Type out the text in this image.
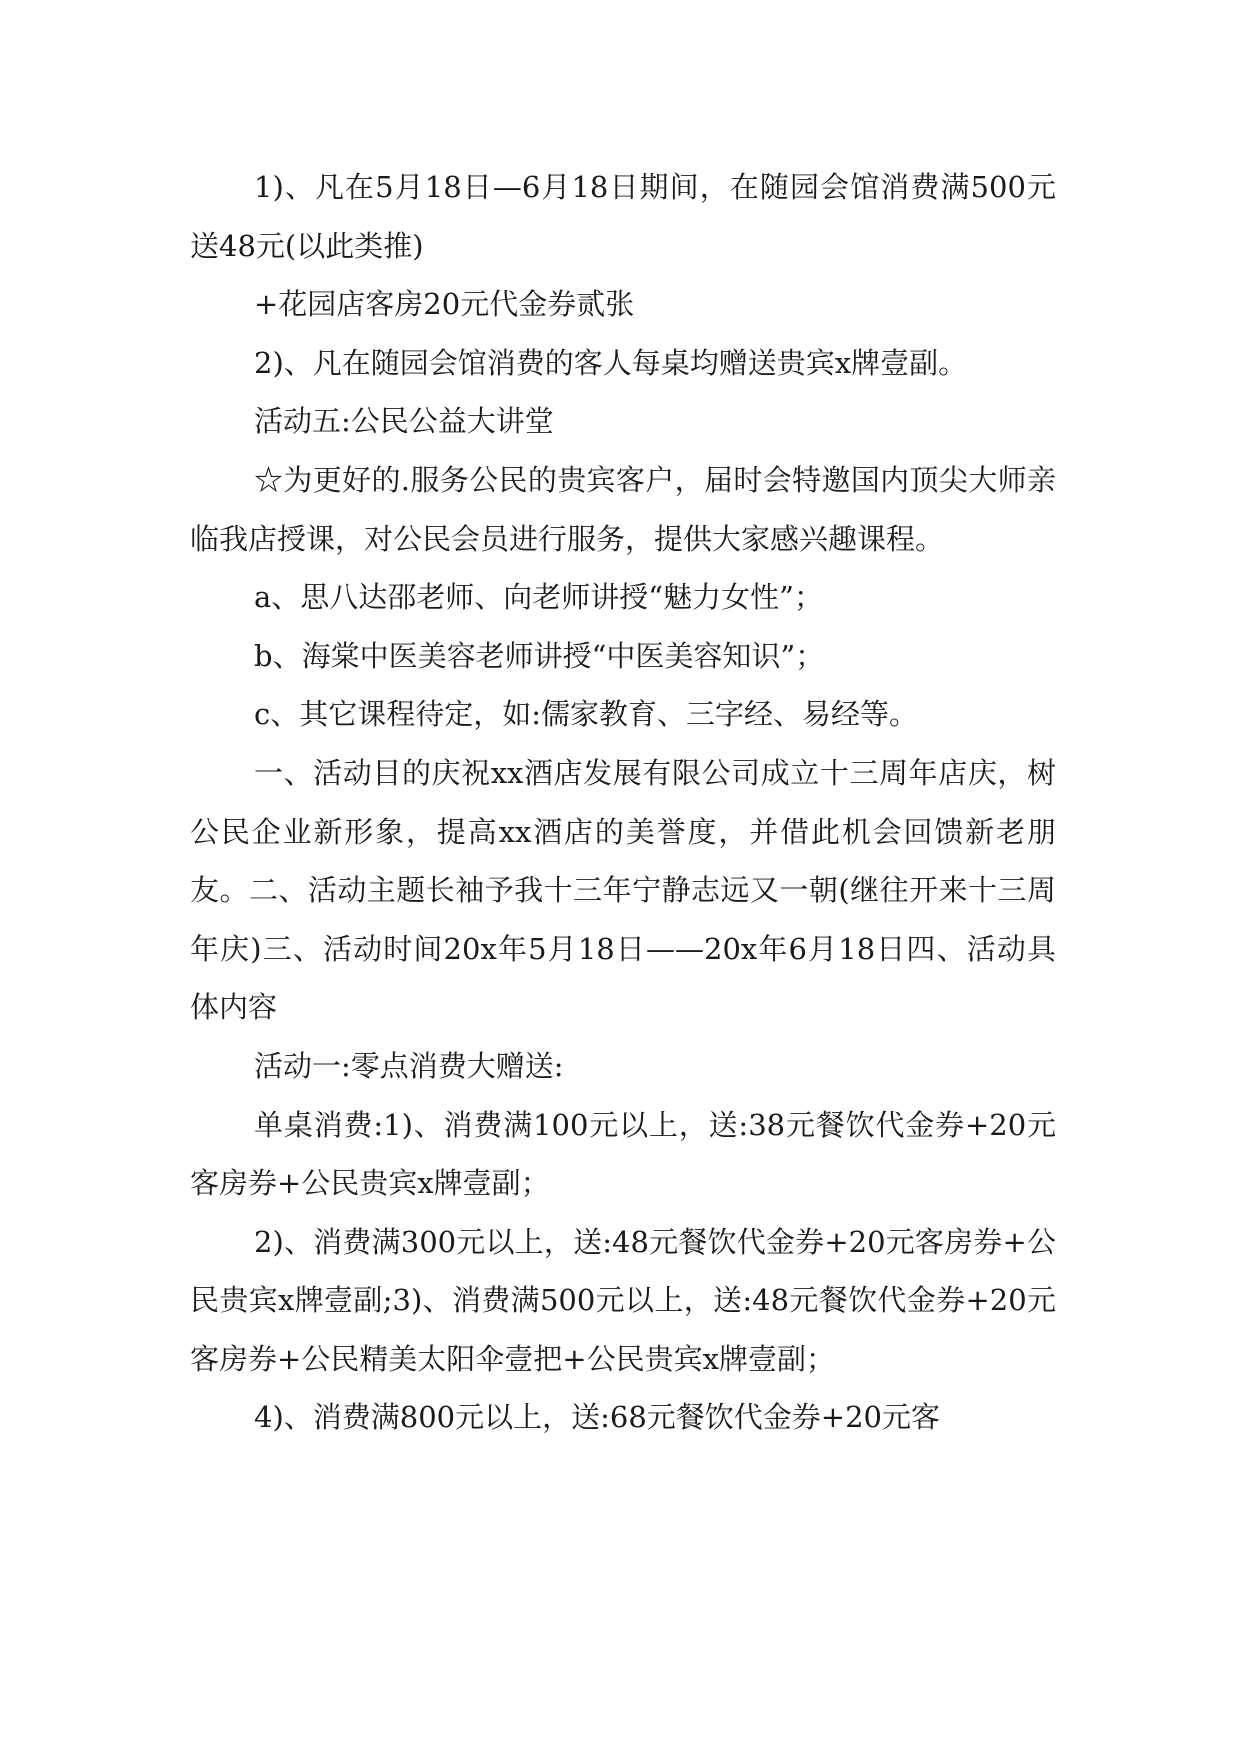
1)、凡在5月18日—6月18日期间，在随园会馆消费满500元送48元(以此类推)

+花园店客房20元代金券贰张

2)、凡在随园会馆消费的客人每桌均赠送贵宾x牌壹副。

活动五:公民公益大讲堂

☆为更好的.服务公民的贵宾客户，届时会特邀国内顶尖大师亲临我店授课，对公民会员进行服务，提供大家感兴趣课程。

a、思八达邵老师、向老师讲授“魅力女性”；

b、海棠中医美容老师讲授“中医美容知识”；

c、其它课程待定，如:儒家教育、三字经、易经等。

一、活动目的庆祝xx酒店发展有限公司成立十三周年店庆，树公民企业新形象，提高xx酒店的美誉度，并借此机会回馈新老朋友。二、活动主题长袖予我十三年宁静志远又一朝(继往开来十三周年庆)三、活动时间20x年5月18日——20x年6月18日四、活动具体内容

活动一:零点消费大赠送:

单桌消费:1)、消费满100元以上，送:38元餐饮代金券+20元客房券+公民贵宾x牌壹副；

2)、消费满300元以上，送:48元餐饮代金券+20元客房券+公民贵宾x牌壹副;3)、消费满500元以上，送:48元餐饮代金券+20元客房券+公民精美太阳伞壹把+公民贵宾x牌壹副；

4)、消费满800元以上，送:68元餐饮代金券+20元客
